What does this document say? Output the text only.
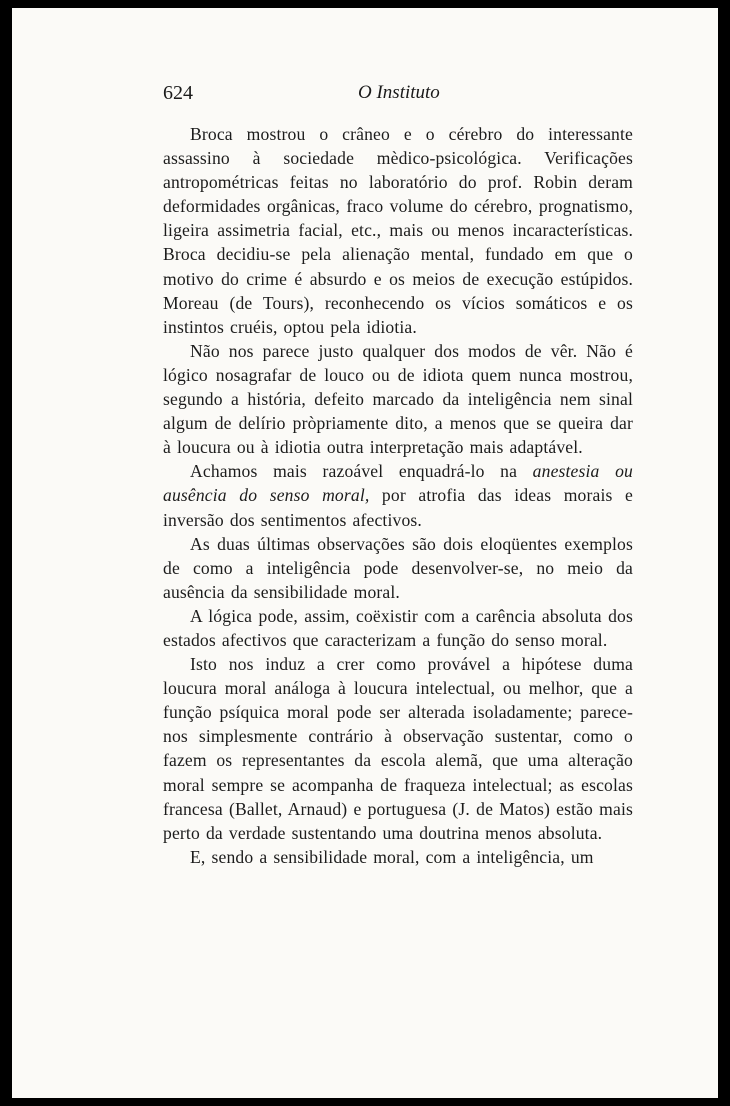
624	O Instituto

Broca mostrou o crâneo e o cérebro do interessante assassino à sociedade mèdico-psicológica. Verificações antropométricas feitas no laboratório do prof. Robin deram deformidades orgânicas, fraco volume do cérebro, prognatismo, ligeira assimetria facial, etc., mais ou menos incaracterísticas. Broca decidiu-se pela alienação mental, fundado em que o motivo do crime é absurdo e os meios de execução estúpidos. Moreau (de Tours), reconhecendo os vícios somáticos e os instintos cruéis, optou pela idiotia.

Não nos parece justo qualquer dos modos de vêr. Não é lógico nosagrafar de louco ou de idiota quem nunca mostrou, segundo a história, defeito marcado da inteligência nem sinal algum de delírio pròpriamente dito, a menos que se queira dar à loucura ou à idiotia outra interpretação mais adaptável.

Achamos mais razoável enquadrá-lo na anestesia ou ausência do senso moral, por atrofia das ideas morais e inversão dos sentimentos afectivos.

As duas últimas observações são dois eloqüentes exemplos de como a inteligência pode desenvolver-se, no meio da ausência da sensibilidade moral.

A lógica pode, assim, coëxistir com a carência absoluta dos estados afectivos que caracterizam a função do senso moral.

Isto nos induz a crer como provável a hipótese duma loucura moral análoga à loucura intelectual, ou melhor, que a função psíquica moral pode ser alterada isoladamente; parece-nos simplesmente contrário à observação sustentar, como o fazem os representantes da escola alemã, que uma alteração moral sempre se acompanha de fraqueza intelectual; as escolas francesa (Ballet, Arnaud) e portuguesa (J. de Matos) estão mais perto da verdade sustentando uma doutrina menos absoluta.

E, sendo a sensibilidade moral, com a inteligência, um
